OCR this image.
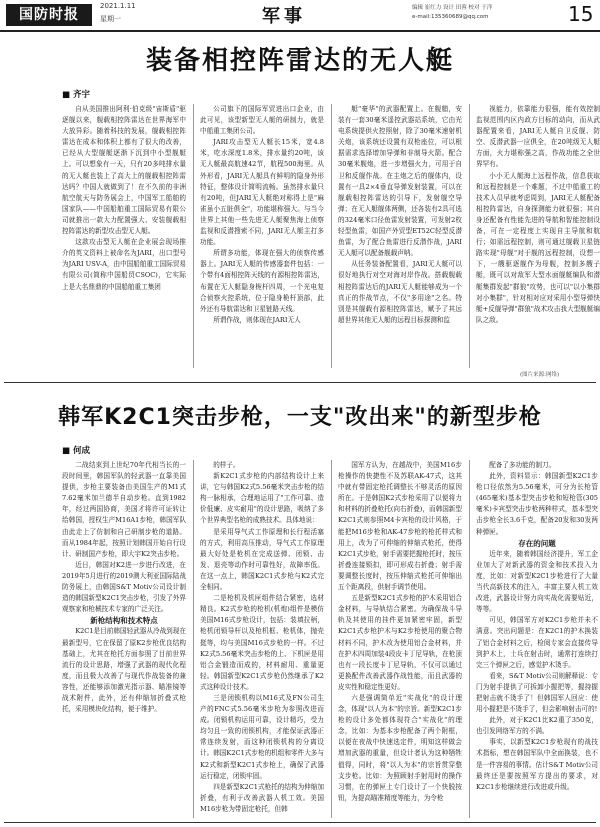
国防时报
2021.1.11
星期一	军事	编辑 崔红力 设计 田蓉 校对 于洋
e-mail:135360689@qq.com	15
装备相控阵雷达的无人艇
■ 齐宇

自从美国推出阿利·伯克级"宙斯盾"驱逐舰以来，舰载相控阵雷达在世界海军中大放异彩。随着科技的发展，舰载相控阵雷达在成本和体积上都有了很大的改善，已经从大型舰艇逐渐下沉到中小型舰艇上。可以想象有一天，只有20多吨排水量的无人艇也装上了高大上的舰载相控阵雷达吗？中国人就做到了！在不久前的非洲航空航天与防务展会上，中国军工船舶的国家队——中国船舶重工国际贸易有限公司就推出一款大力配置强大、安装舰载相控阵雷达的新型攻击型无人艇。

这款攻击型无人艇在企业展会现场推介的英文资料上被命名为JARI，出口型号为JARI USV-A，由中国船舶重工国际贸易有限公司(简称中国船贸CSOC)，它实际上是大名鼎鼎的中国船舶重工集团

公司旗下的国际军贸进出口企业，由此可见，该型新型无人艇的研制力，就是中船重工集团公司。

JARI攻击型无人艇长15米，宽4.8米，吃水深度1.8米，排水量约20吨，该无人艇最高航速42节，航程500海里。从外形看，JARI无人艇具有鲜明的隐身外形特征，整体设计简明流畅。虽然排水量只有20吨，但JARI无人艇绝对称得上是"麻雀虽小五脏俱全"，功能堪称强大。与当今世界上其他一些先进无人艇聚焦海上侦察监视和反潜搜索不同，JARI无人艇主打多功能。

所谓多功能，体现在强大的侦察传感器上。JARI无人艇的传感器套件包括：一个带有4面相控阵天线的有源相控阵雷达，布置在无人艇隐身桅杆四周，一个光电复合侦察火控系统，位于隐身桅杆顶部，此外还有导航雷达和卫星链路天线。

所谓作战，则体现在JARI无人

艇"豪华"的武器配置上。在舰艏，安装有一套30毫米遥控武器站系统，它由光电系统提供火控照射，除了30毫米速射机关炮，该系统还设置有双枪座位，可以根据需求选择增加导弹和非制导火箭。配合30毫米舰炮，进一步增强火力，可用于自卫和反舰作战。在主炮之后的舰体内，设置有一具2×4垂直导弹发射装置，可以在舰载相控阵雷达的引导下，发射舰空导弹；在无人艇舰体两侧，还各装有2具可选的324毫米口径鱼雷发射装置，可发射2枚轻型鱼雷，如国产外贸型ET52C轻型反潜鱼雷，为了配合鱼雷进行反潜作战，JARI无人艇可以配备舰载声呐。

从任务装备配置看，JARI无人艇可以很好地执行对空对海对岸作战。搭载舰载相控阵雷达后的JARI无人艇能够成为一个真正的作战节点，不仅"多用途"之名。特别是其舰载有源相控阵雷达，赋予了其远超世界其他无人艇的远程目标探测和监

视能力，依靠能力很强，能有效控制监视范围内区内政方目标的动向，而从武器配置来看，JARI无人艇自卫反舰、防空、反潜武器一应俱全，在20吨级无人艇方面，火力堪称强之高，作战功能之全世界罕有。

小小无人艇海上远程作战，信息获取和远程控制是一个难题，不过中船重工的技术人员早就考虑周到，JARI无人艇配备相控阵雷达，自身探测能力就很强；其自身还配备有性能先进的导航和智能控制设备，可在一定程度上实现自主导航和航行；如需远程控制，则可通过舰载卫星链路实现"母舰"对于舰的远程控制，设想一下，一艘驱逐舰作为母舰，控制多艘子艇，既可以对敌军大型水面舰艇编队和潜艇集群发起"群狼"攻势，也可以"以小集群对小集群"，针对相对应对采用小型导弹快艇+反舰导弹"群狼"战术攻击我大型舰艇编队之敌。

(图片来源:网络)
韩军K2C1突击步枪，一支"改出来"的新型步枪
■ 何成

二战结束到上世纪70年代相当长的一段时间里，韩国军队的轻武器一直靠美国提供，步枪主要装备由美国生产的M1式7.62毫米加兰德半自动步枪。直到1982年，经过两国协商，美国才将许可证转让给韩国，授权生产M16A1步枪，韩国军队由此走上了仿制和自己研制步枪的道路。而从1984年起，按照计划韩国开始自行设计、研制国产步枪，即大宇K2突击步枪。

近日，韩国对K2进一步进行改进，在2019年5月进行的2019测大利亚国际陆战防务展上，由韩国S&T Motiv公司设计制造的韩国新型K2C1突击步枪，引发了外界观察家和枪械技术专家的广泛关注。

新枪结构和技术特点

K2C1是目前韩国轻武器从冷战到现在最新型号，它在保留了原K2步枪优良结构基础上，尤其在枪托方面参照了目前世界流行的设计思路，增强了武器的现代化程度，而且极大改善了与现代作战装备的兼容性，还能够添加激光指示器、瞄准镜等战术附件，此外，还有伸缩加折叠式枪托，采用模块化结构，便于维护。

的样子。

新K2C1式步枪的内部结构设计上来讲，它与韩国K2式5.56毫米突击步枪的结构一脉相承，合理地运用了"工作可靠、造价低廉、皮实耐用"的设计思路，吸纳了多个世界典型名枪的成熟技术。具体地说：

是采用导气式工作原理和长行程活塞的方式，利用高压推动，导气式工作原理最大好处是枪机在完成送弹、闭锁、击发、退壳等动作时可靠性好，故障率低。在这一点上，韩国K2C1式步枪与K2式完全相同。

二是枪机及机匣组件结合紧密，选材精良。K2式步枪的枪机(机炮)组件是模仿美国M16式步枪设计，包括：装填拉柄，枪机闭锁导杆以及枪机框、枪机体，抛壳挺等，均与美国M16式步枪的一样。不过K2式5.56毫米突击步枪的上、下机匣是用铝合金锻造而成的，材料耐用、重量更轻。韩国新型K2C1式步枪仍然继承了K2式这种设计技术。

三是闭锁机构以M16式及FN公司生产的FNC式5.56毫米步枪为参照改进而成。闭锁机构运用可靠，设计精巧，受力均匀且一致的闭锁机构，才能保证武器正常连续发射，而这种闭锁机构的分离设计。韩国K2C1式步枪的机组和零件大多与K2式和新型K2C1式步枪上，确保了武器运行稳定，闭锁牢固。

四是新型K2C1式枪托的结构为伸缩加折叠，有利于改善武器人机工效。美国M16步枪为带固定枪托，但韩

国军方认为，在越战中，美国M16步枪操作的快捷性不及苏联AK-47式，这其中就有带固定枪托调整长不够灵活的原因所在。于是韩国K2式步枪采用了以便将力和材料的折叠枪托(向右折叠)，而韩国新型K2C1式则参照M4卡宾枪的设计风格，于能把M16步枪和AK-47步枪的枪托样式和用上，改为了可伸缩的伸缩式枪托，使得K2C1式步枪，射手需要把握枪托时，按压折叠连接锁扣，即可形成右折叠；射手需要调整长度时，按压伸缩式枪托可伸缩出五个距离段，供射手调节使用。

五是新型K2C1式步枪的护木采用铝合金材料，与导轨结合紧密。为确保战斗导轨及其使用的挂件更加紧密牢固，新型K2C1式步枪护木与K2步枪使用的聚合物材料不同，护木改为使用铝合金材料，并在护木四周加装4段皮卡丁尼导轨，在枪顶也有一段长度卡丁尼导轨，不仅可以通过更换配件改善武器作战性能，而且武器的皮实性和稳定性更好。

六是强调简单近"实战化"的设计理念，体现"以人为本"的宗旨。新型K2C1步枪的设计多处都体现符合"实战化"的理念，比如：为基本步枪配备了两个附框，以便在夜战中快速选定件，明知这样做会增加武器的重量，但设计者认为这种牺牲值得，同时，将"以人为本"的宗旨贯穿整支步枪。比如：为照顾射手射用时的操作习惯，在的弹匣上专门设计了一个快脱按钮，为提高瞄准精度等能力，为令枪

配备了多功能的制刀。

此外，资料显示：韩国新型K2C1步枪口径依然为5.56毫米，可分为长枪管(465毫米)基本型突击步枪和短枪管(305毫米)卡宾型突击步枪两种样式，基本型突击步枪全长3.6千克，配备20发和30发两种弹匣。

存在的问题

近年来，随着韩国经济提升，军工企业加大了对新武器的资金和技术投入力度，比如：对新型K2C1步枪进行了大量当代高新技术的注入，丰富主要人机工效改进，武器设计努力向实战化需要贴近，等等。

可见，韩国军方对K2C1步枪并未不满意。突出问题是：在K2C1的护木换装了铝合金材料之后，检阅专家会直接传导到护木上，士兵在射击时，通常打连续打完三个弹匣之后，感觉护木烫手。

看来，S&T Motiv公司则解释说：专门为射手提供了可拆卸小握把等，握持握把射击就不烫手了！但韩国军人回应：使用小握把是不烫手了，但会影响射击可的!

此外，对于K2C1比K2重了350克，也引发网络军方的不满。

事实，以新型K2C1步枪现有的战技术指标，想在韩国军队中全面换装，也不是一件容易的事情。估计S&T Motiv公司最终还是要按照军方提出的要求，对K2C1步枪继续进行改进或升级。
